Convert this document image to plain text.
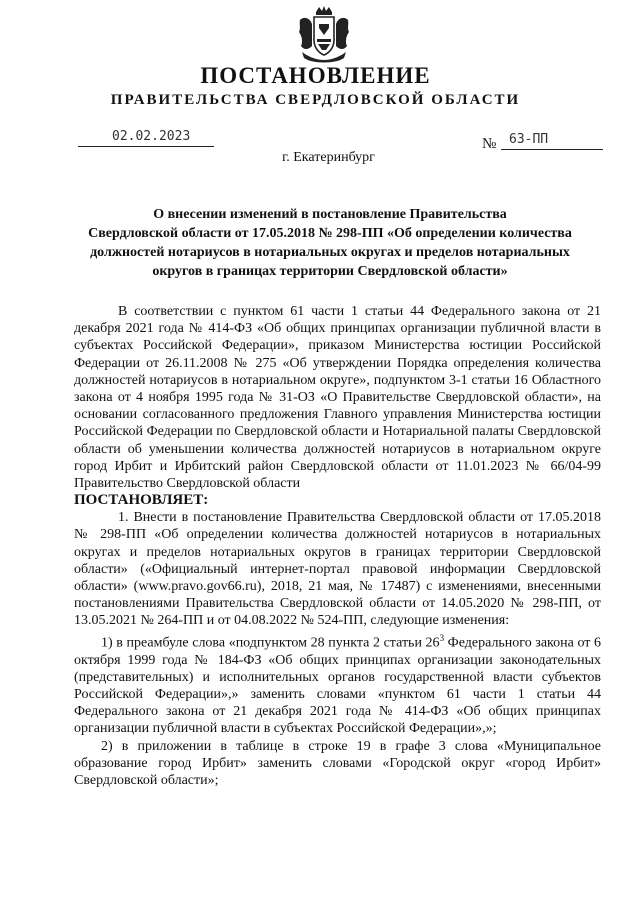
ПОСТАНОВЛЕНИЕ
ПРАВИТЕЛЬСТВА СВЕРДЛОВСКОЙ ОБЛАСТИ
02.02.2023	№ 63-ПП
г. Екатеринбург
О внесении изменений в постановление Правительства
Свердловской области от 17.05.2018 № 298-ПП «Об определении количества
должностей нотариусов в нотариальных округах и пределов нотариальных
округов в границах территории Свердловской области»

В соответствии с пунктом 61 части 1 статьи 44 Федерального закона от 21 декабря 2021 года № 414-ФЗ «Об общих принципах организации публичной власти в субъектах Российской Федерации», приказом Министерства юстиции Российской Федерации от 26.11.2008 № 275 «Об утверждении Порядка определения количества должностей нотариусов в нотариальном округе», подпунктом 3-1 статьи 16 Областного закона от 4 ноября 1995 года № 31-ОЗ «О Правительстве Свердловской области», на основании согласованного предложения Главного управления Министерства юстиции Российской Федерации по Свердловской области и Нотариальной палаты Свердловской области об уменьшении количества должностей нотариусов в нотариальном округе город Ирбит и Ирбитский район Свердловской области от 11.01.2023 № 66/04-99 Правительство Свердловской области

ПОСТАНОВЛЯЕТ:

1. Внести в постановление Правительства Свердловской области от 17.05.2018 № 298-ПП «Об определении количества должностей нотариусов в нотариальных округах и пределов нотариальных округов в границах территории Свердловской области» («Официальный интернет-портал правовой информации Свердловской области» (www.pravo.gov66.ru), 2018, 21 мая, № 17487) с изменениями, внесенными постановлениями Правительства Свердловской области от 14.05.2020 № 298-ПП, от 13.05.2021 № 264-ПП и от 04.08.2022 № 524-ПП, следующие изменения:

1) в преамбуле слова «подпунктом 28 пункта 2 статьи $26^3$ Федерального закона от 6 октября 1999 года № 184-ФЗ «Об общих принципах организации законодательных (представительных) и исполнительных органов государственной власти субъектов Российской Федерации»,» заменить словами «пунктом 61 части 1 статьи 44 Федерального закона от 21 декабря 2021 года № 414-ФЗ «Об общих принципах организации публичной власти в субъектах Российской Федерации»,»;

2) в приложении в таблице в строке 19 в графе 3 слова «Муниципальное образование город Ирбит» заменить словами «Городской округ «город Ирбит» Свердловской области»;
